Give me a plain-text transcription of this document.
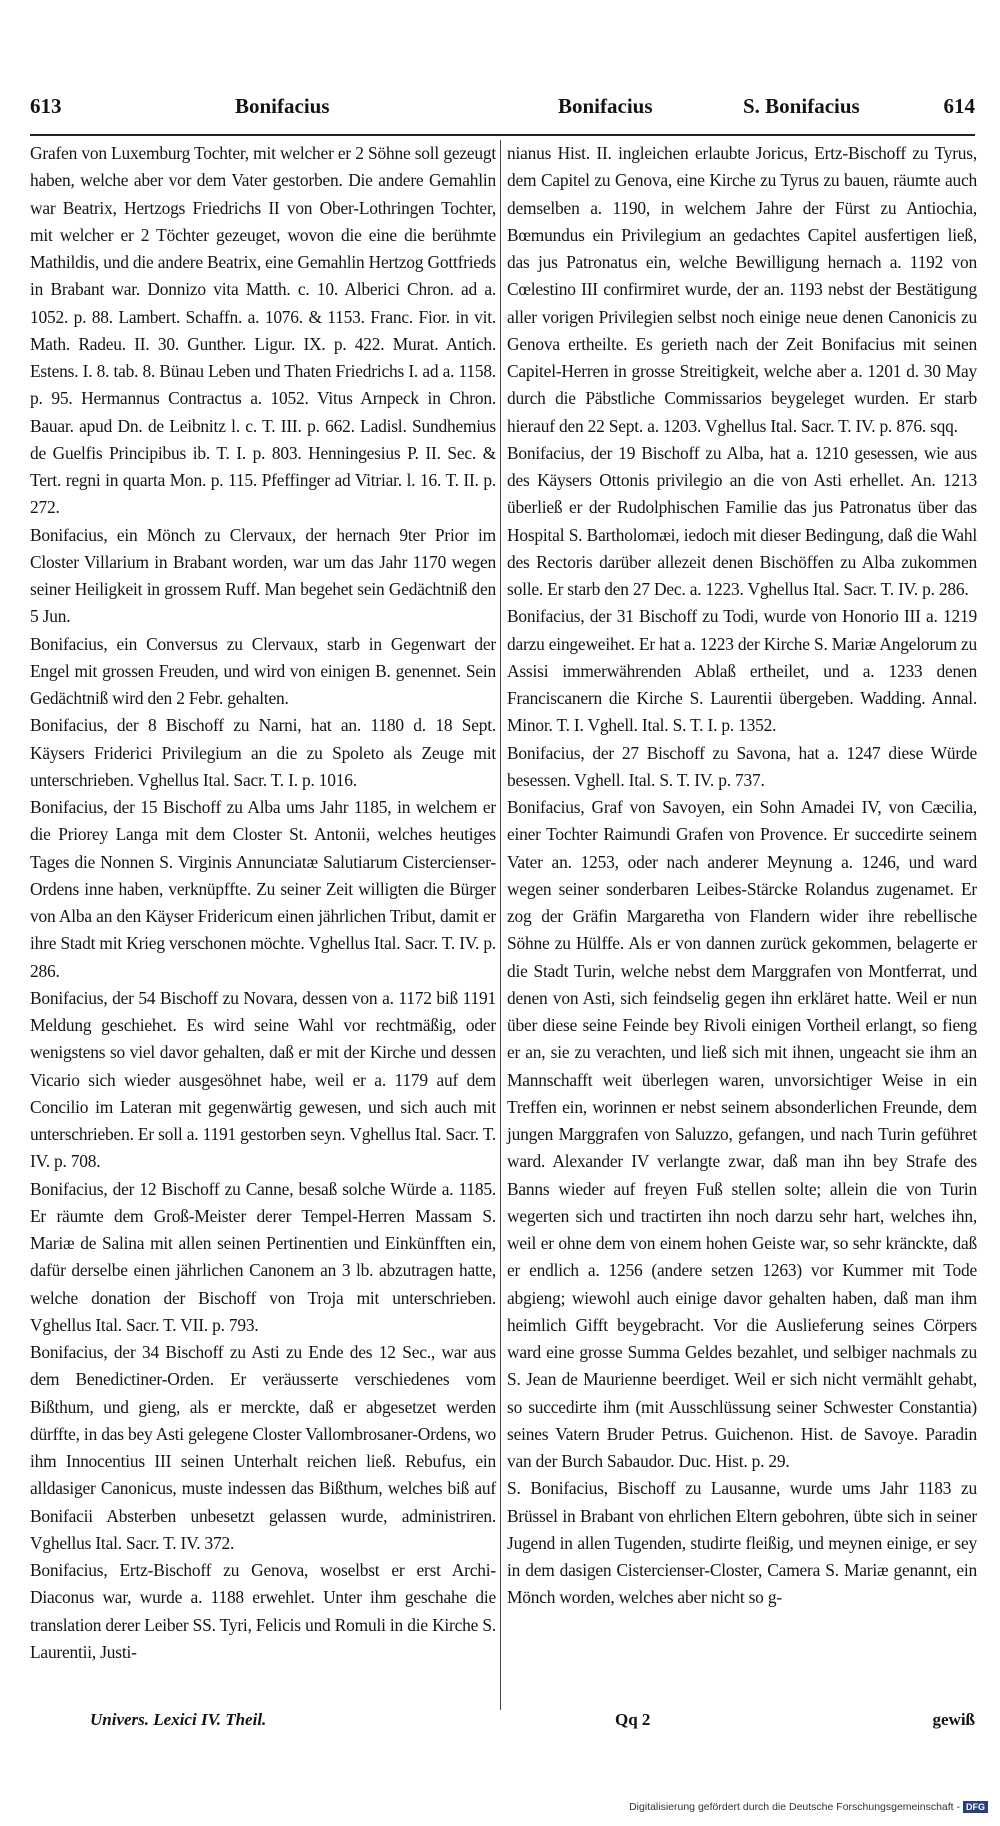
613	Bonifacius	Bonifacius	S. Bonifacius	614

Grafen von Luxemburg Tochter, mit welcher er 2 Söhne soll gezeugt haben, welche aber vor dem Vater gestorben. Die andere Gemahlin war Beatrix, Hertzogs Friedrichs II von Ober-Lothringen Tochter, mit welcher er 2 Töchter gezeuget, wovon die eine die berühmte Mathildis, und die andere Beatrix, eine Gemahlin Hertzog Gottfrieds in Brabant war. Donnizo vita Matth. c. 10. Alberici Chron. ad a. 1052. p. 88. Lambert. Schaffn. a. 1076. & 1153. Franc. Fior. in vit. Math. Radeu. II. 30. Gunther. Ligur. IX. p. 422. Murat. Antich. Estens. I. 8. tab. 8. Bünau Leben und Thaten Friedrichs I. ad a. 1158. p. 95. Hermannus Contractus a. 1052. Vitus Arnpeck in Chron. Bauar. apud Dn. de Leibnitz l. c. T. III. p. 662. Ladisl. Sundhemius de Guelfis Principibus ib. T. I. p. 803. Henningesius P. II. Sec. & Tert. regni in quarta Mon. p. 115. Pfeffinger ad Vitriar. l. 16. T. II. p. 272.

Bonifacius, ein Mönch zu Clervaux, der hernach 9ter Prior im Closter Villarium in Brabant worden, war um das Jahr 1170 wegen seiner Heiligkeit in grossem Ruff. Man begehet sein Gedächtniß den 5 Jun.

Bonifacius, ein Conversus zu Clervaux, starb in Gegenwart der Engel mit grossen Freuden, und wird von einigen B. genennet. Sein Gedächtniß wird den 2 Febr. gehalten.

Bonifacius, der 8 Bischoff zu Narni, hat an. 1180 d. 18 Sept. Käysers Friderici Privilegium an die zu Spoleto als Zeuge mit unterschrieben. Vghellus Ital. Sacr. T. I. p. 1016.

Bonifacius, der 15 Bischoff zu Alba ums Jahr 1185, in welchem er die Priorey Langa mit dem Closter St. Antonii, welches heutiges Tages die Nonnen S. Virginis Annunciatæ Salutiarum Cistercienser-Ordens inne haben, verknüpffte. Zu seiner Zeit willigten die Bürger von Alba an den Käyser Fridericum einen jährlichen Tribut, damit er ihre Stadt mit Krieg verschonen möchte. Vghellus Ital. Sacr. T. IV. p. 286.

Bonifacius, der 54 Bischoff zu Novara, dessen von a. 1172 biß 1191 Meldung geschiehet. Es wird seine Wahl vor rechtmäßig, oder wenigstens so viel davor gehalten, daß er mit der Kirche und dessen Vicario sich wieder ausgesöhnet habe, weil er a. 1179 auf dem Concilio im Lateran mit gegenwärtig gewesen, und sich auch mit unterschrieben. Er soll a. 1191 gestorben seyn. Vghellus Ital. Sacr. T. IV. p. 708.

Bonifacius, der 12 Bischoff zu Canne, besaß solche Würde a. 1185. Er räumte dem Groß-Meister derer Tempel-Herren Massam S. Mariæ de Salina mit allen seinen Pertinentien und Einkünfften ein, dafür derselbe einen jährlichen Canonem an 3 lb. abzutragen hatte, welche donation der Bischoff von Troja mit unterschrieben. Vghellus Ital. Sacr. T. VII. p. 793.

Bonifacius, der 34 Bischoff zu Asti zu Ende des 12 Sec., war aus dem Benedictiner-Orden. Er veräusserte verschiedenes vom Bißthum, und gieng, als er merckte, daß er abgesetzet werden dürffte, in das bey Asti gelegene Closter Vallombrosaner-Ordens, wo ihm Innocentius III seinen Unterhalt reichen ließ. Rebufus, ein alldasiger Canonicus, muste indessen das Bißthum, welches biß auf Bonifacii Absterben unbesetzt gelassen wurde, administriren. Vghellus Ital. Sacr. T. IV. 372.

Bonifacius, Ertz-Bischoff zu Genova, woselbst er erst Archi-Diaconus war, wurde a. 1188 erwehlet. Unter ihm geschahe die translation derer Leiber SS. Tyri, Felicis und Romuli in die Kirche S. Laurentii, Justi-

nianus Hist. II. ingleichen erlaubte Joricus, Ertz-Bischoff zu Tyrus, dem Capitel zu Genova, eine Kirche zu Tyrus zu bauen, räumte auch demselben a. 1190, in welchem Jahre der Fürst zu Antiochia, Bœmundus ein Privilegium an gedachtes Capitel ausfertigen ließ, das jus Patronatus ein, welche Bewilligung hernach a. 1192 von Cœlestino III confirmiret wurde, der an. 1193 nebst der Bestätigung aller vorigen Privilegien selbst noch einige neue denen Canonicis zu Genova ertheilte. Es gerieth nach der Zeit Bonifacius mit seinen Capitel-Herren in grosse Streitigkeit, welche aber a. 1201 d. 30 May durch die Päbstliche Commissarios beygeleget wurden. Er starb hierauf den 22 Sept. a. 1203. Vghellus Ital. Sacr. T. IV. p. 876. sqq.

Bonifacius, der 19 Bischoff zu Alba, hat a. 1210 gesessen, wie aus des Käysers Ottonis privilegio an die von Asti erhellet. An. 1213 überließ er der Rudolphischen Familie das jus Patronatus über das Hospital S. Bartholomæi, iedoch mit dieser Bedingung, daß die Wahl des Rectoris darüber allezeit denen Bischöffen zu Alba zukommen solle. Er starb den 27 Dec. a. 1223. Vghellus Ital. Sacr. T. IV. p. 286.

Bonifacius, der 31 Bischoff zu Todi, wurde von Honorio III a. 1219 darzu eingeweihet. Er hat a. 1223 der Kirche S. Mariæ Angelorum zu Assisi immerwährenden Ablaß ertheilet, und a. 1233 denen Franciscanern die Kirche S. Laurentii übergeben. Wadding. Annal. Minor. T. I. Vghell. Ital. S. T. I. p. 1352.

Bonifacius, der 27 Bischoff zu Savona, hat a. 1247 diese Würde besessen. Vghell. Ital. S. T. IV. p. 737.

Bonifacius, Graf von Savoyen, ein Sohn Amadei IV, von Cæcilia, einer Tochter Raimundi Grafen von Provence. Er succedirte seinem Vater an. 1253, oder nach anderer Meynung a. 1246, und ward wegen seiner sonderbaren Leibes-Stärcke Rolandus zugenamet. Er zog der Gräfin Margaretha von Flandern wider ihre rebellische Söhne zu Hülffe. Als er von dannen zurück gekommen, belagerte er die Stadt Turin, welche nebst dem Marggrafen von Montferrat, und denen von Asti, sich feindselig gegen ihn erkläret hatte. Weil er nun über diese seine Feinde bey Rivoli einigen Vortheil erlangt, so fieng er an, sie zu verachten, und ließ sich mit ihnen, ungeacht sie ihm an Mannschafft weit überlegen waren, unvorsichtiger Weise in ein Treffen ein, worinnen er nebst seinem absonderlichen Freunde, dem jungen Marggrafen von Saluzzo, gefangen, und nach Turin geführet ward. Alexander IV verlangte zwar, daß man ihn bey Strafe des Banns wieder auf freyen Fuß stellen solte; allein die von Turin wegerten sich und tractirten ihn noch darzu sehr hart, welches ihn, weil er ohne dem von einem hohen Geiste war, so sehr kränckte, daß er endlich a. 1256 (andere setzen 1263) vor Kummer mit Tode abgieng; wiewohl auch einige davor gehalten haben, daß man ihm heimlich Gifft beygebracht. Vor die Auslieferung seines Cörpers ward eine grosse Summa Geldes bezahlet, und selbiger nachmals zu S. Jean de Maurienne beerdiget. Weil er sich nicht vermählt gehabt, so succedirte ihm (mit Ausschlüssung seiner Schwester Constantia) seines Vatern Bruder Petrus. Guichenon. Hist. de Savoye. Paradin van der Burch Sabaudor. Duc. Hist. p. 29.

S. Bonifacius, Bischoff zu Lausanne, wurde ums Jahr 1183 zu Brüssel in Brabant von ehrlichen Eltern gebohren, übte sich in seiner Jugend in allen Tugenden, studirte fleißig, und meynen einige, er sey in dem dasigen Cistercienser-Closter, Camera S. Mariæ genannt, ein Mönch worden, welches aber nicht so g-

Univers. Lexici IV. Theil.	Qq 2	gewiß
Digitalisierung gefördert durch die Deutsche Forschungsgemeinschaft - DFG
